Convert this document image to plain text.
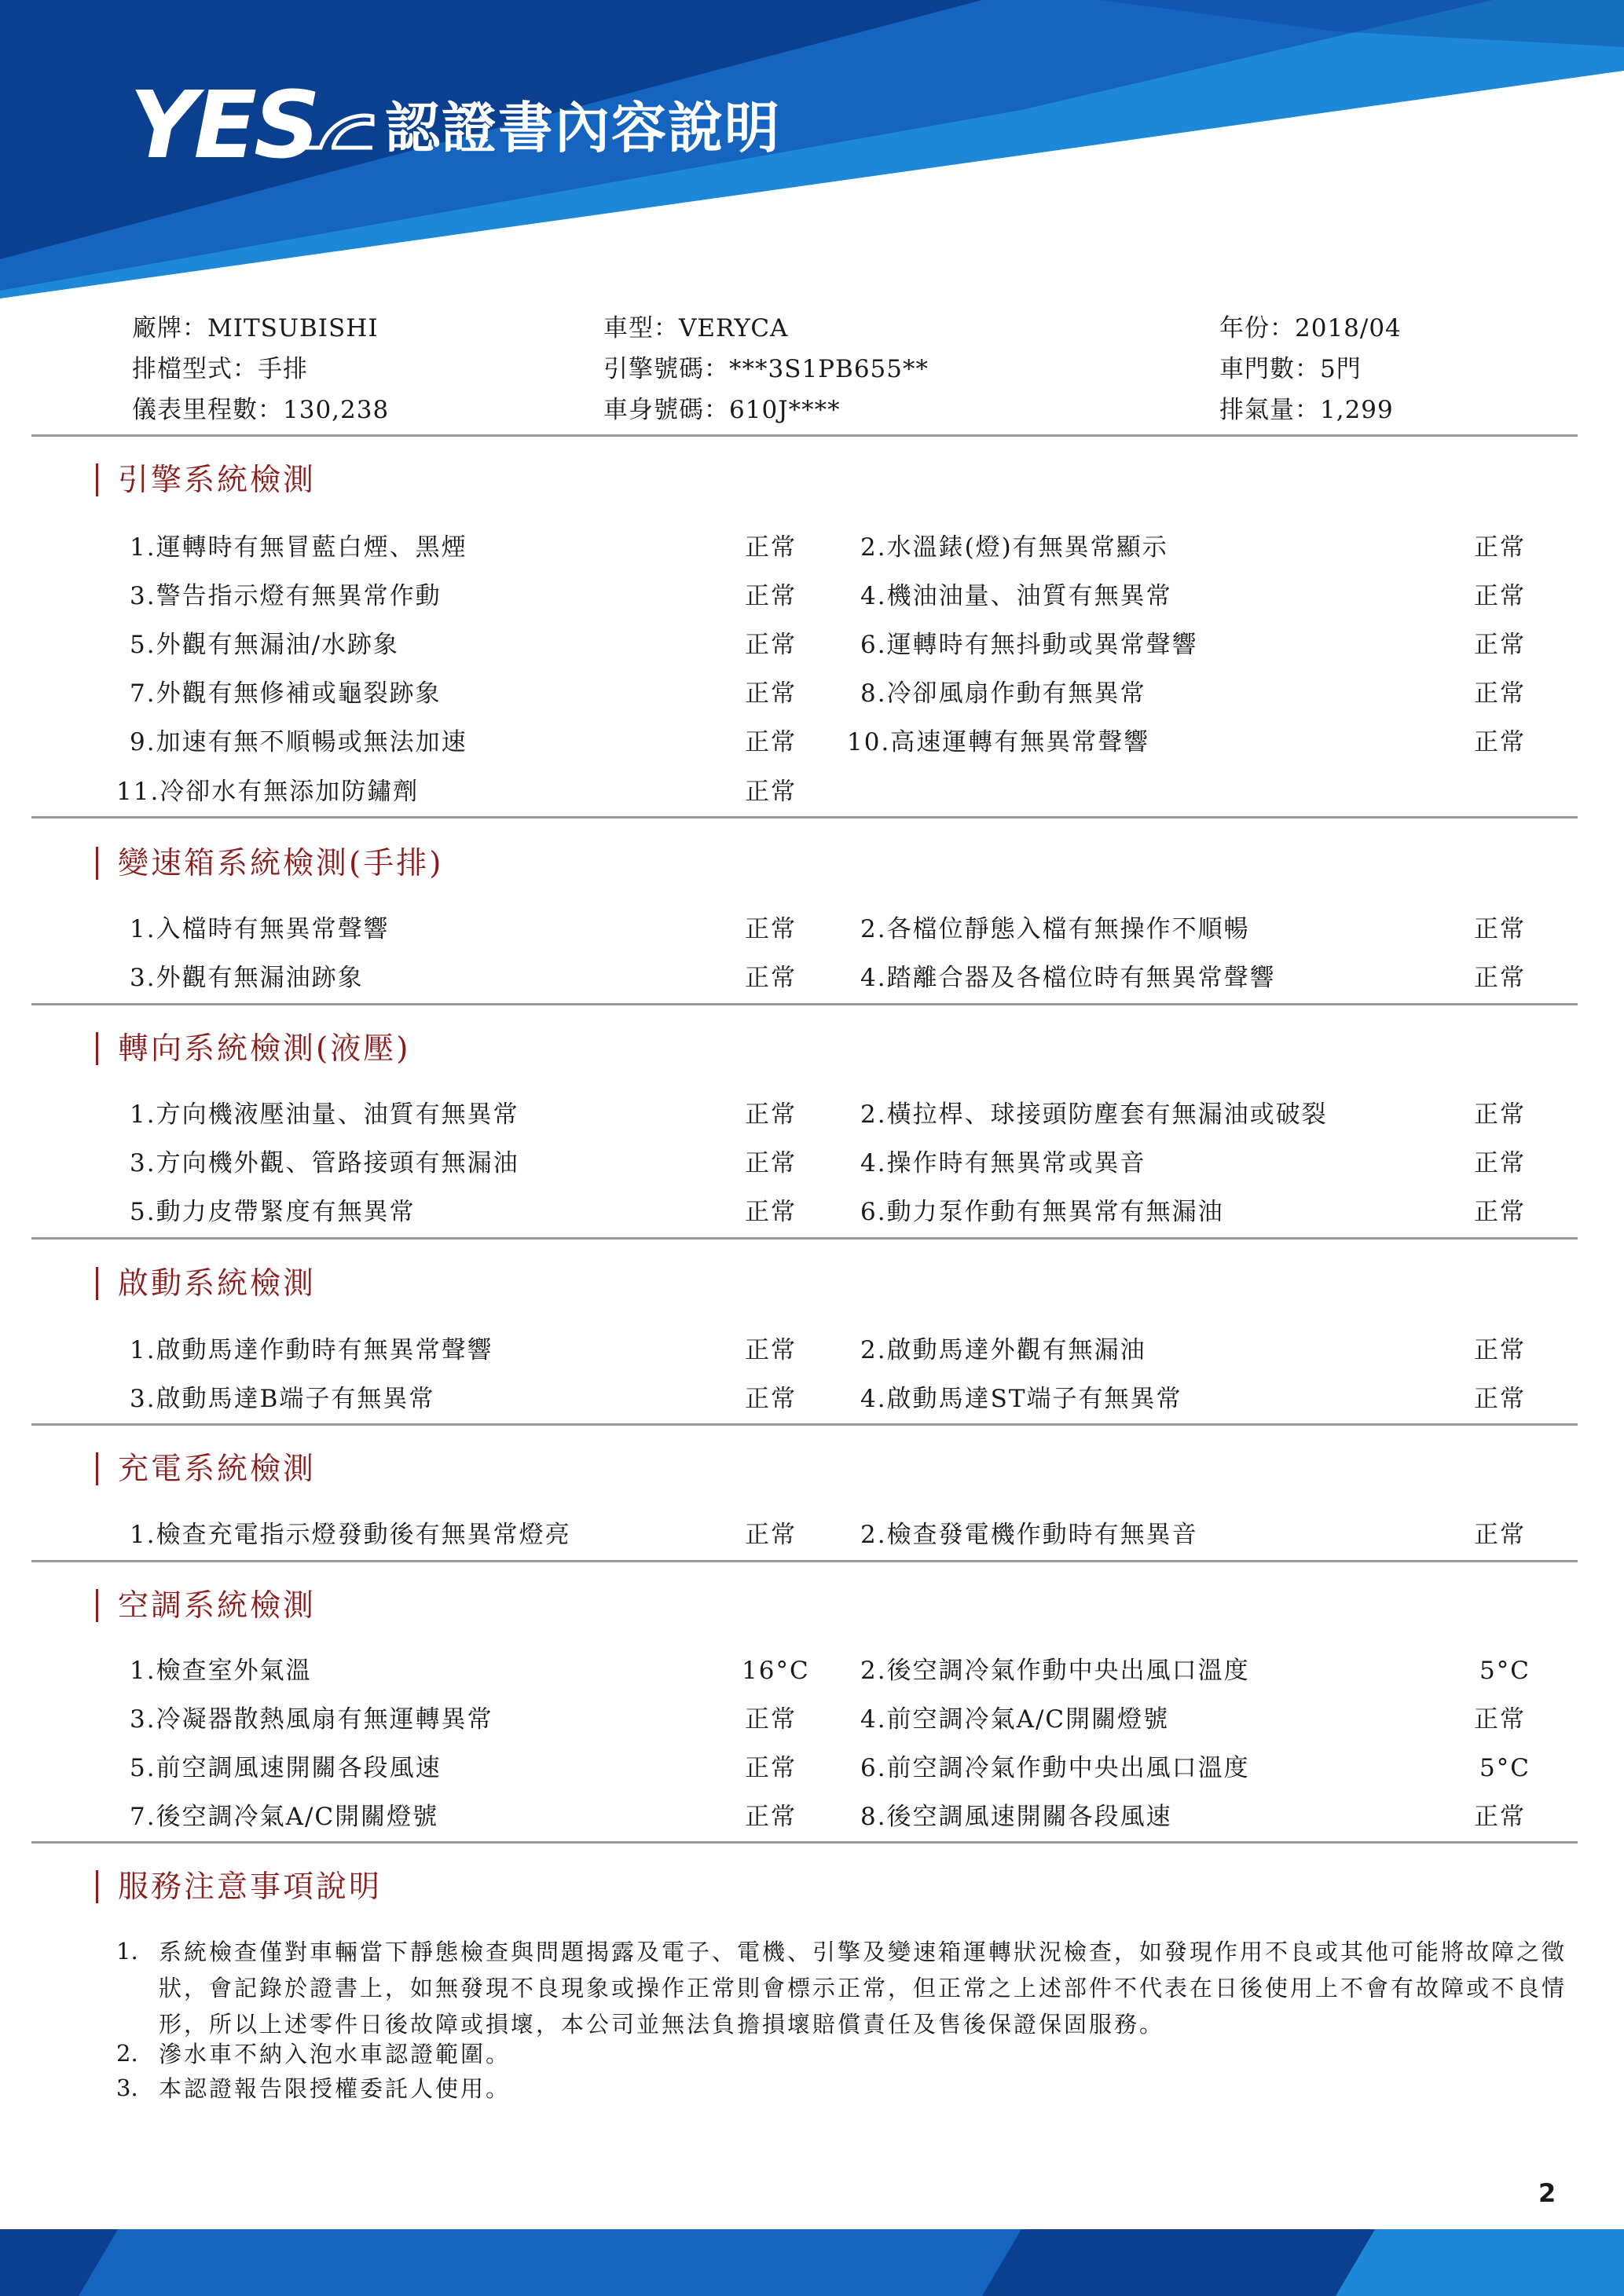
YES 認證書內容說明
廠牌：MITSUBISHI	車型：VERYCA	年份：2018/04
排檔型式：手排	引擎號碼：***3S1PB655**	車門數：5門
儀表里程數：130,238	車身號碼：610J****	排氣量：1,299
引擎系統檢測
1.運轉時有無冒藍白煙、黑煙	正常	2.水溫錶(燈)有無異常顯示	正常
3.警告指示燈有無異常作動	正常	4.機油油量、油質有無異常	正常
5.外觀有無漏油/水跡象	正常	6.運轉時有無抖動或異常聲響	正常
7.外觀有無修補或龜裂跡象	正常	8.冷卻風扇作動有無異常	正常
9.加速有無不順暢或無法加速	正常 10.高速運轉有無異常聲響	正常
11.冷卻水有無添加防鏽劑	正常
變速箱系統檢測(手排)
1.入檔時有無異常聲響	正常	2.各檔位靜態入檔有無操作不順暢	正常
3.外觀有無漏油跡象	正常	4.踏離合器及各檔位時有無異常聲響	正常
轉向系統檢測(液壓)
1.方向機液壓油量、油質有無異常	正常	2.橫拉桿、球接頭防塵套有無漏油或破裂	正常
3.方向機外觀、管路接頭有無漏油	正常	4.操作時有無異常或異音	正常
5.動力皮帶緊度有無異常	正常	6.動力泵作動有無異常有無漏油	正常
啟動系統檢測
1.啟動馬達作動時有無異常聲響	正常	2.啟動馬達外觀有無漏油	正常
3.啟動馬達B端子有無異常	正常	4.啟動馬達ST端子有無異常	正常
充電系統檢測
1.檢查充電指示燈發動後有無異常燈亮	正常	2.檢查發電機作動時有無異音	正常
空調系統檢測
1.檢查室外氣溫	16°C 2.後空調冷氣作動中央出風口溫度	5°C
3.冷凝器散熱風扇有無運轉異常	正常	4.前空調冷氣A/C開關燈號	正常
5.前空調風速開關各段風速	正常	6.前空調冷氣作動中央出風口溫度	5°C
7.後空調冷氣A/C開關燈號	正常	8.後空調風速開關各段風速	正常
服務注意事項說明
1. 系統檢查僅對車輛當下靜態檢查與問題揭露及電子、電機、引擎及變速箱運轉狀況檢查，如發現作用不良或其他可能將故障之徵狀，會記錄於證書上，如無發現不良現象或操作正常則會標示正常，但正常之上述部件不代表在日後使用上不會有故障或不良情形，所以上述零件日後故障或損壞，本公司並無法負擔損壞賠償責任及售後保證保固服務。
2. 滲水車不納入泡水車認證範圍。
3. 本認證報告限授權委託人使用。
2
